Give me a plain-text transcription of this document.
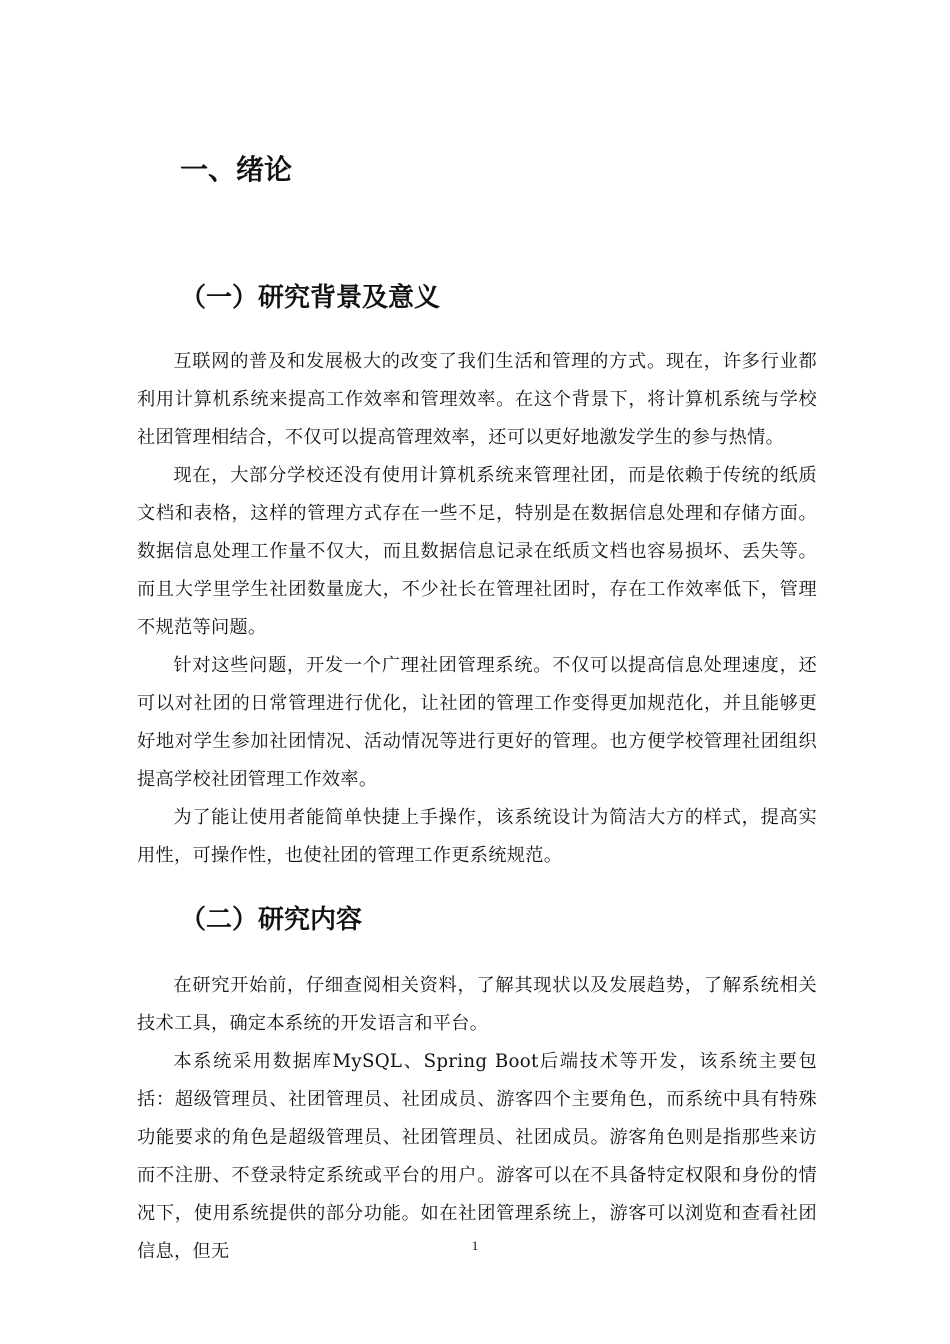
一、绪论
（一）研究背景及意义

互联网的普及和发展极大的改变了我们生活和管理的方式。现在，许多行业都利用计算机系统来提高工作效率和管理效率。在这个背景下，将计算机系统与学校社团管理相结合，不仅可以提高管理效率，还可以更好地激发学生的参与热情。

现在，大部分学校还没有使用计算机系统来管理社团，而是依赖于传统的纸质文档和表格，这样的管理方式存在一些不足，特别是在数据信息处理和存储方面。数据信息处理工作量不仅大，而且数据信息记录在纸质文档也容易损坏、丢失等。而且大学里学生社团数量庞大，不少社长在管理社团时，存在工作效率低下，管理不规范等问题。

针对这些问题，开发一个广理社团管理系统。不仅可以提高信息处理速度，还可以对社团的日常管理进行优化，让社团的管理工作变得更加规范化，并且能够更好地对学生参加社团情况、活动情况等进行更好的管理。也方便学校管理社团组织提高学校社团管理工作效率。

为了能让使用者能简单快捷上手操作，该系统设计为简洁大方的样式，提高实用性，可操作性，也使社团的管理工作更系统规范。

（二）研究内容

在研究开始前，仔细查阅相关资料，了解其现状以及发展趋势，了解系统相关技术工具，确定本系统的开发语言和平台。

本系统采用数据库MySQL、Spring Boot后端技术等开发，该系统主要包括：超级管理员、社团管理员、社团成员、游客四个主要角色，而系统中具有特殊功能要求的角色是超级管理员、社团管理员、社团成员。游客角色则是指那些来访而不注册、不登录特定系统或平台的用户。游客可以在不具备特定权限和身份的情况下，使用系统提供的部分功能。如在社团管理系统上，游客可以浏览和查看社团信息，但无	1
